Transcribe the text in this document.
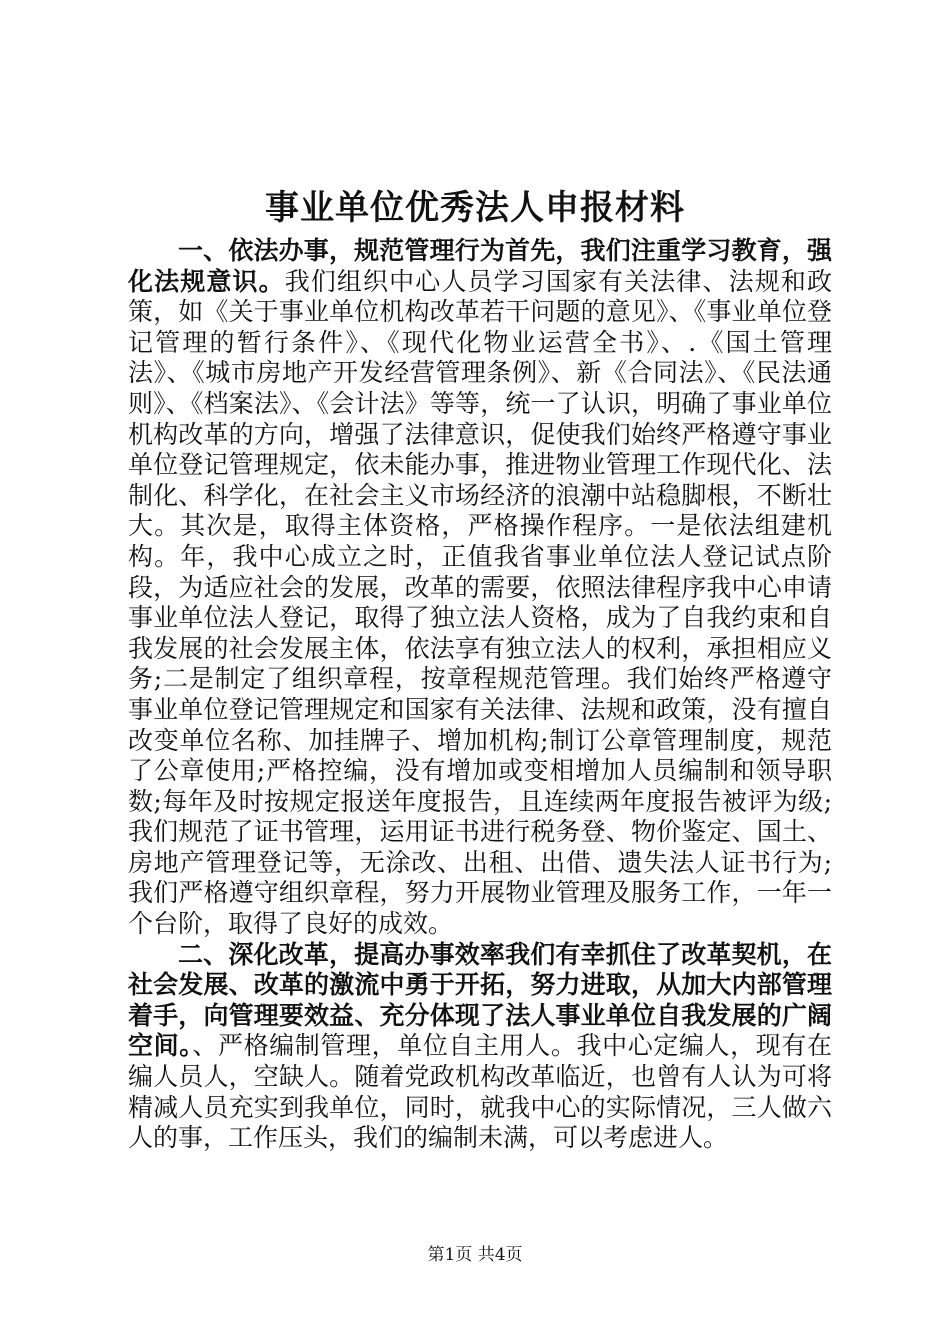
事业单位优秀法人申报材料

一、依法办事，规范管理行为首先，我们注重学习教育，强化法规意识。我们组织中心人员学习国家有关法律、法规和政策，如《关于事业单位机构改革若干问题的意见》、《事业单位登记管理的暂行条件》、《现代化物业运营全书》、.《国土管理法》、《城市房地产开发经营管理条例》、新《合同法》、《民法通则》、《档案法》、《会计法》等等，统一了认识，明确了事业单位机构改革的方向，增强了法律意识，促使我们始终严格遵守事业单位登记管理规定，依未能办事，推进物业管理工作现代化、法制化、科学化，在社会主义市场经济的浪潮中站稳脚根，不断壮大。其次是，取得主体资格，严格操作程序。一是依法组建机构。年，我中心成立之时，正值我省事业单位法人登记试点阶段，为适应社会的发展，改革的需要，依照法律程序我中心申请事业单位法人登记，取得了独立法人资格，成为了自我约束和自我发展的社会发展主体，依法享有独立法人的权利，承担相应义务;二是制定了组织章程，按章程规范管理。我们始终严格遵守事业单位登记管理规定和国家有关法律、法规和政策，没有擅自改变单位名称、加挂牌子、增加机构;制订公章管理制度，规范了公章使用;严格控编，没有增加或变相增加人员编制和领导职数;每年及时按规定报送年度报告，且连续两年度报告被评为级;我们规范了证书管理，运用证书进行税务登、物价鉴定、国土、房地产管理登记等，无涂改、出租、出借、遗失法人证书行为;我们严格遵守组织章程，努力开展物业管理及服务工作，一年一个台阶，取得了良好的成效。

二、深化改革，提高办事效率我们有幸抓住了改革契机，在社会发展、改革的激流中勇于开拓，努力进取，从加大内部管理着手，向管理要效益、充分体现了法人事业单位自我发展的广阔空间。、严格编制管理，单位自主用人。我中心定编人，现有在编人员人，空缺人。随着党政机构改革临近，也曾有人认为可将精减人员充实到我单位，同时，就我中心的实际情况，三人做六人的事，工作压头，我们的编制未满，可以考虑进人。

第1页 共4页
